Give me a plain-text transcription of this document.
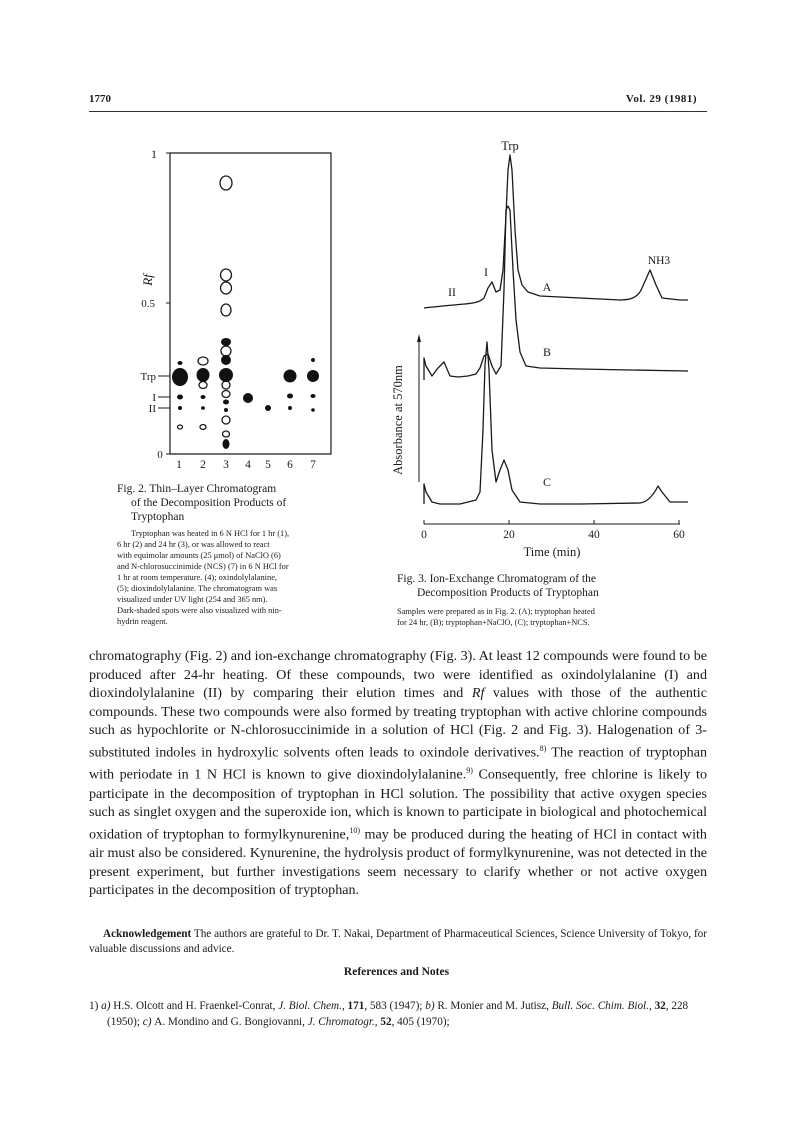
1770	Vol. 29 (1981)
1
0.5
0
Rf
Trp
I
II
1 2 3 4 5 6 7
Fig. 2. Thin–Layer Chromatogram
of the Decomposition Products of
Tryptophan
Tryptophan was heated in 6 N HCl for 1 hr (1),
6 hr (2) and 24 hr (3), or was allowed to react
with equimolar amounts (25 μmol) of NaClO (6)
and N-chlorosuccinimide (NCS) (7) in 6 N HCl for
1 hr at room temperature. (4); oxindolylalanine,
(5); dioxindolylalanine. The chromatogram was
visualized under UV light (254 and 365 nm).
Dark-shaded spots were also visualized with nin-
hydrin reagent.
Trp
I
II
NH3
A
B
C
Absorbance at 570nm
0	20	40	60
Time (min)
Fig. 3. Ion-Exchange Chromatogram of the
Decomposition Products of Tryptophan
Samples were prepared as in Fig. 2. (A); tryptophan heated
for 24 hr, (B); tryptophan+NaClO, (C); tryptophan+NCS.

chromatography (Fig. 2) and ion-exchange chromatography (Fig. 3). At least 12 compounds were found to be produced after 24-hr heating. Of these compounds, two were identified as oxindolylalanine (I) and dioxindolylalanine (II) by comparing their elution times and Rf values with those of the authentic compounds. These two compounds were also formed by treating tryptophan with active chlorine compounds such as hypochlorite or N-chlorosuccinimide in a solution of HCl (Fig. 2 and Fig. 3). Halogenation of 3-substituted indoles in hydroxylic solvents often leads to oxindole derivatives.$^{8)}$ The reaction of tryptophan with periodate in 1 N HCl is known to give dioxindolylalanine.$^{9)}$ Consequently, free chlorine is likely to participate in the decomposition of tryptophan in HCl solution. The possibility that active oxygen species such as singlet oxygen and the superoxide ion, which is known to participate in biological and photochemical oxidation of tryptophan to formylkynurenine,$^{10)}$ may be produced during the heating of HCl in contact with air must also be considered. Kynurenine, the hydrolysis product of formylkynurenine, was not detected in the present experiment, but further investigations seem necessary to clarify whether or not active oxygen participates in the decomposition of tryptophan.

Acknowledgement The authors are grateful to Dr. T. Nakai, Department of Pharmaceutical Sciences, Science University of Tokyo, for valuable discussions and advice.
References and Notes
1) a) H.S. Olcott and H. Fraenkel-Conrat, J. Biol. Chem., 171, 583 (1947); b) R. Monier and M. Jutisz, Bull. Soc. Chim. Biol., 32, 228 (1950); c) A. Mondino and G. Bongiovanni, J. Chromatogr., 52, 405 (1970);
